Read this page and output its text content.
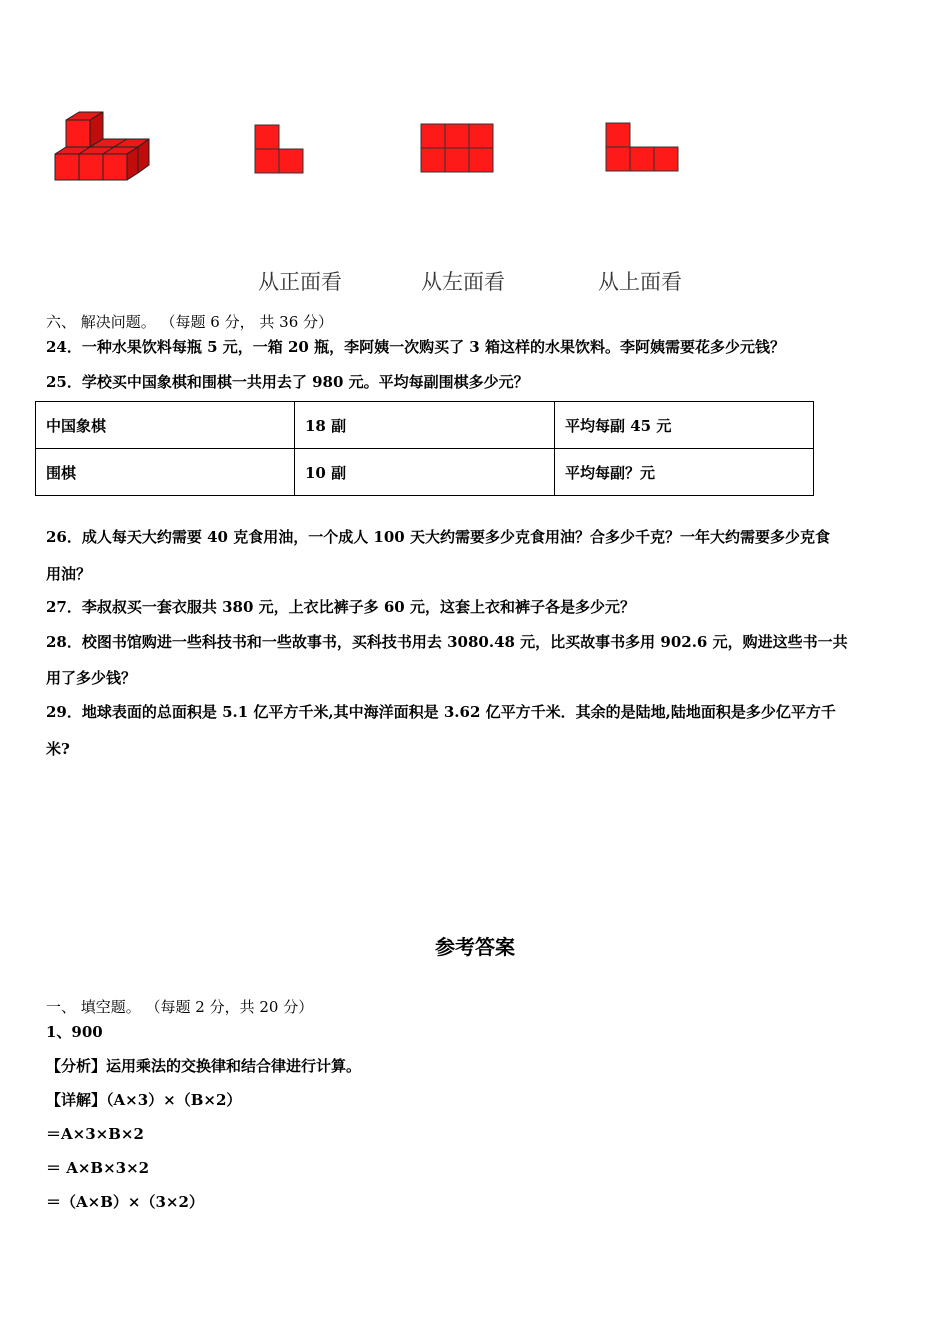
从正面看	从左面看	从上面看
六、 解决问题。 （每题 6 分， 共 36 分）
24．一种水果饮料每瓶 5 元，一箱 20 瓶，李阿姨一次购买了 3 箱这样的水果饮料。李阿姨需要花多少元钱？
25．学校买中国象棋和围棋一共用去了 980 元。平均每副围棋多少元？
中国象棋	18 副	平均每副 45 元
围棋	10 副	平均每副？元
26．成人每天大约需要 40 克食用油，一个成人 100 天大约需要多少克食用油？合多少千克？一年大约需要多少克食
用油？
27．李叔叔买一套衣服共 380 元，上衣比裤子多 60 元，这套上衣和裤子各是多少元？
28．校图书馆购进一些科技书和一些故事书，买科技书用去 3080.48 元，比买故事书多用 902.6 元，购进这些书一共
用了多少钱？
29．地球表面的总面积是 5.1 亿平方千米,其中海洋面积是 3.62 亿平方千米．其余的是陆地,陆地面积是多少亿平方千
米?
参考答案
一、 填空题。 （每题 2 分，共 20 分）
1、900
【分析】运用乘法的交换律和结合律进行计算。
【详解】（A×3）×（B×2）
＝A×3×B×2
＝ A×B×3×2
＝（A×B）×（3×2）
